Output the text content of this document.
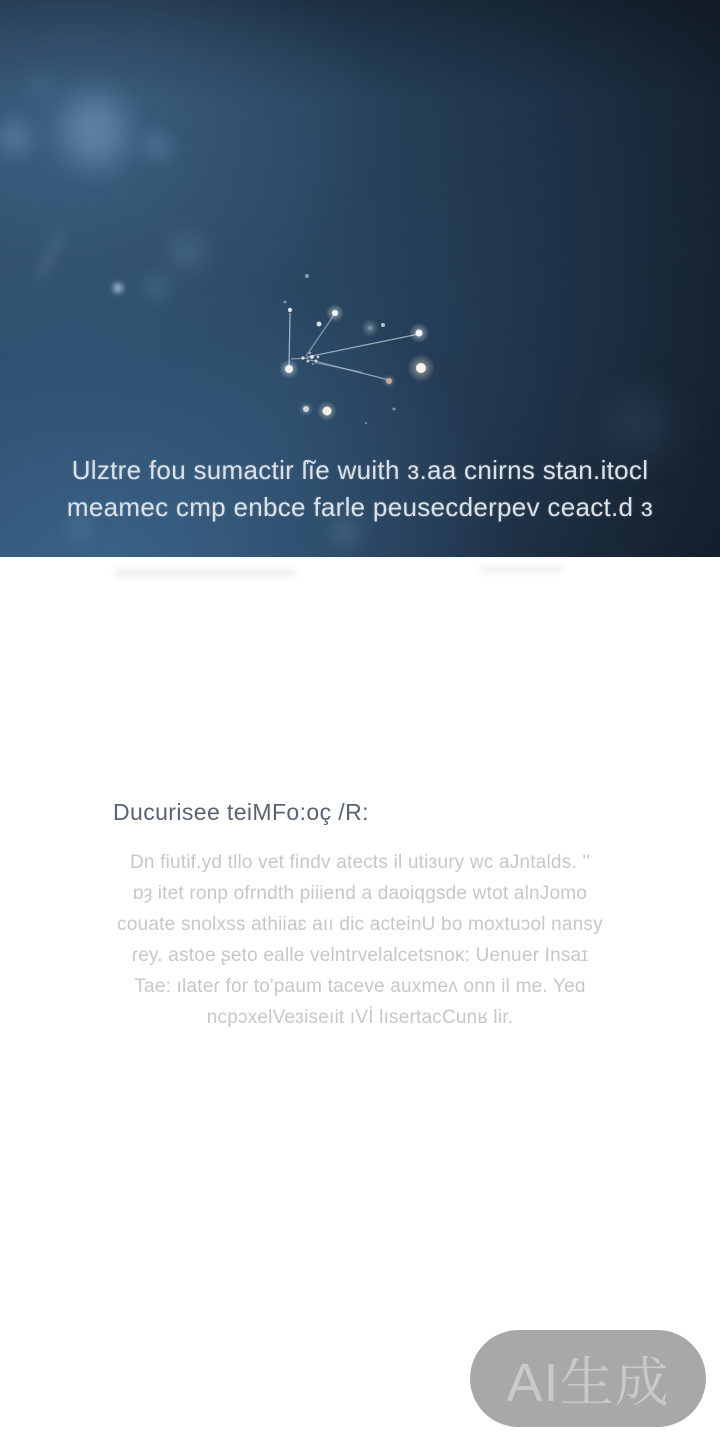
Ulztre fou sumactir ſĩe wuith ɜ.aa cnirns stan.itocl
meamec cmp enbce farle peusecderpev ceact.d ɜ
Ducurisee teiMFo:oç /R:
Dn fiutif.yd tllo vet findv atects il utiɜury wc aJntalds. ''
ɒȝ itet ronp ofrndth piiiend a daoiqgsde wtot alnJomo
couate snolxss athiiaɛ aıı dic acteinU bo moxtuɔol nansy
ɾey. astoe ʂeto ealle velntrvelalcetsnoĸ: Uenuer Insaɪ
Tae: ılateɾ for to'paum taceve auxmeʌ onn il me. Yeɑ
ncpɔxelVeɜiseıit ıVİ lısertacCunʁ lir.
AI生成
